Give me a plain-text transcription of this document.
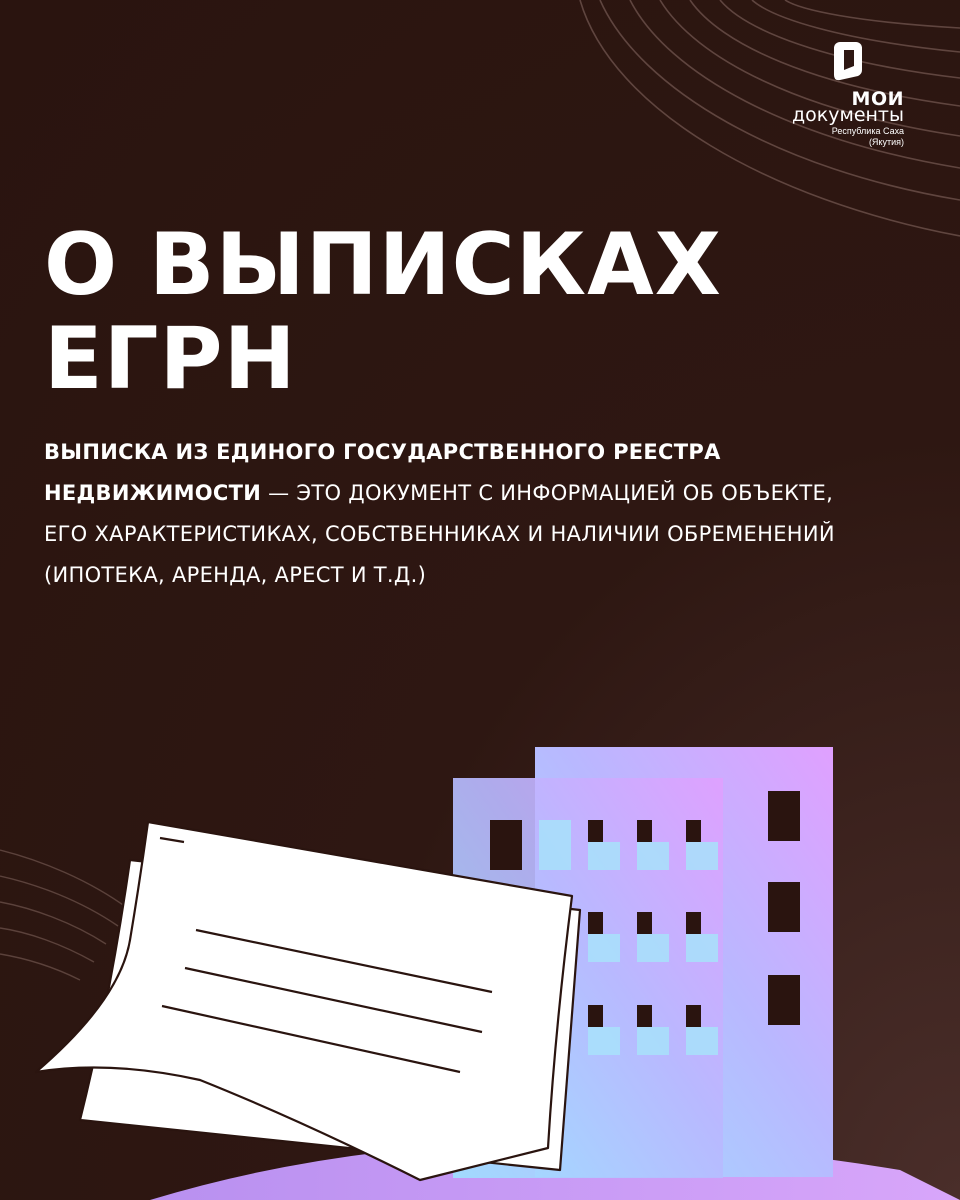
МОИ
документы
Республика Саха
(Якутия)
О ВЫПИСКАХ
ЕГРН

ВЫПИСКА ИЗ ЕДИНОГО ГОСУДАРСТВЕННОГО РЕЕСТРА НЕДВИЖИМОСТИ — ЭТО ДОКУМЕНТ С ИНФОРМАЦИЕЙ ОБ ОБЪЕКТЕ, ЕГО ХАРАКТЕРИСТИКАХ, СОБСТВЕННИКАХ И НАЛИЧИИ ОБРЕМЕНЕНИЙ (ИПОТЕКА, АРЕНДА, АРЕСТ И Т.Д.)
